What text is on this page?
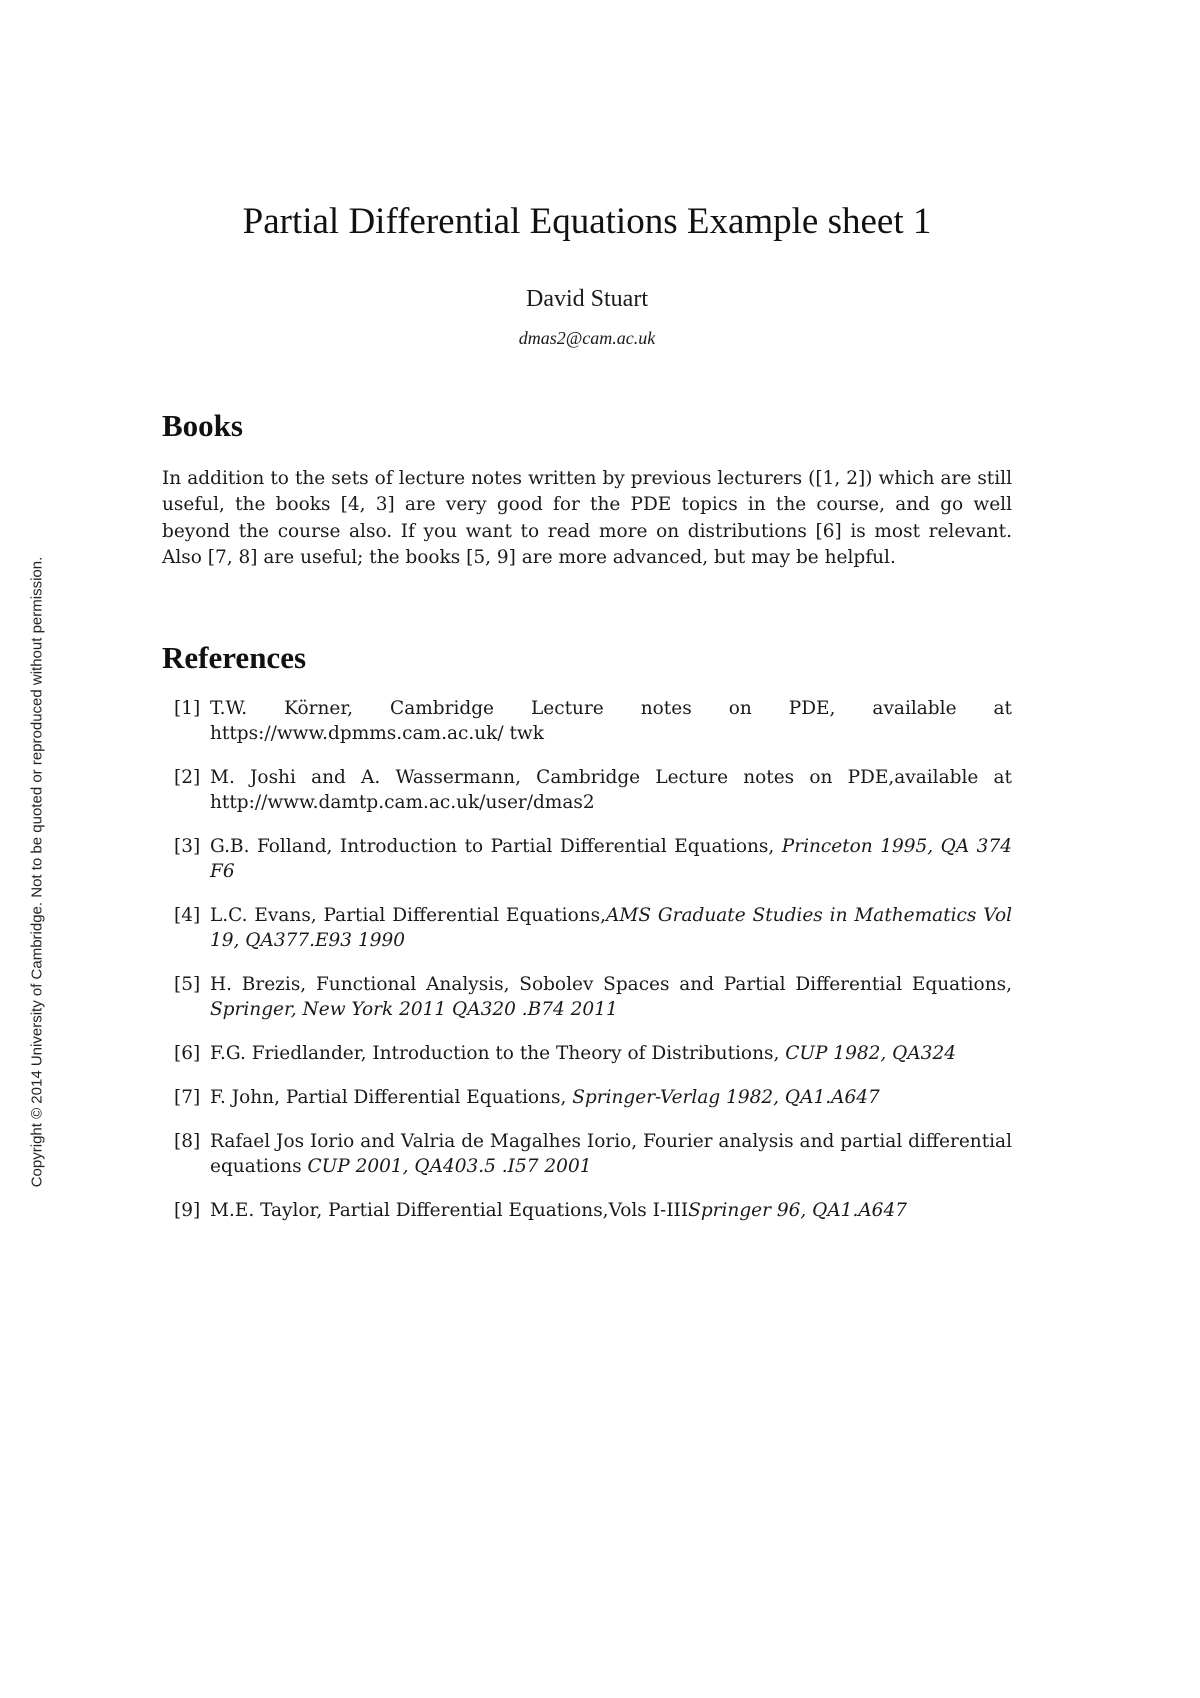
Copyright © 2014 University of Cambridge. Not to be quoted or reproduced without permission.
Partial Differential Equations Example sheet 1
David Stuart
dmas2@cam.ac.uk
Books

In addition to the sets of lecture notes written by previous lecturers ([1, 2]) which are still useful, the books [4, 3] are very good for the PDE topics in the course, and go well beyond the course also. If you want to read more on distributions [6] is most relevant. Also [7, 8] are useful; the books [5, 9] are more advanced, but may be helpful.

References
[1] T.W. Körner, Cambridge Lecture notes on PDE, available at https://www.dpmms.cam.ac.uk/ twk
[2] M. Joshi and A. Wassermann, Cambridge Lecture notes on PDE,available at http://www.damtp.cam.ac.uk/user/dmas2
[3] G.B. Folland, Introduction to Partial Differential Equations, Princeton 1995, QA 374 F6
[4] L.C. Evans, Partial Differential Equations,AMS Graduate Studies in Mathematics Vol 19, QA377.E93 1990
[5] H. Brezis, Functional Analysis, Sobolev Spaces and Partial Differential Equations, Springer, New York 2011 QA320 .B74 2011
[6] F.G. Friedlander, Introduction to the Theory of Distributions, CUP 1982, QA324
[7] F. John, Partial Differential Equations, Springer-Verlag 1982, QA1.A647
[8] Rafael Jos Iorio and Valria de Magalhes Iorio, Fourier analysis and partial differential equations CUP 2001, QA403.5 .I57 2001
[9] M.E. Taylor, Partial Differential Equations,Vols I-IIISpringer 96, QA1.A647
